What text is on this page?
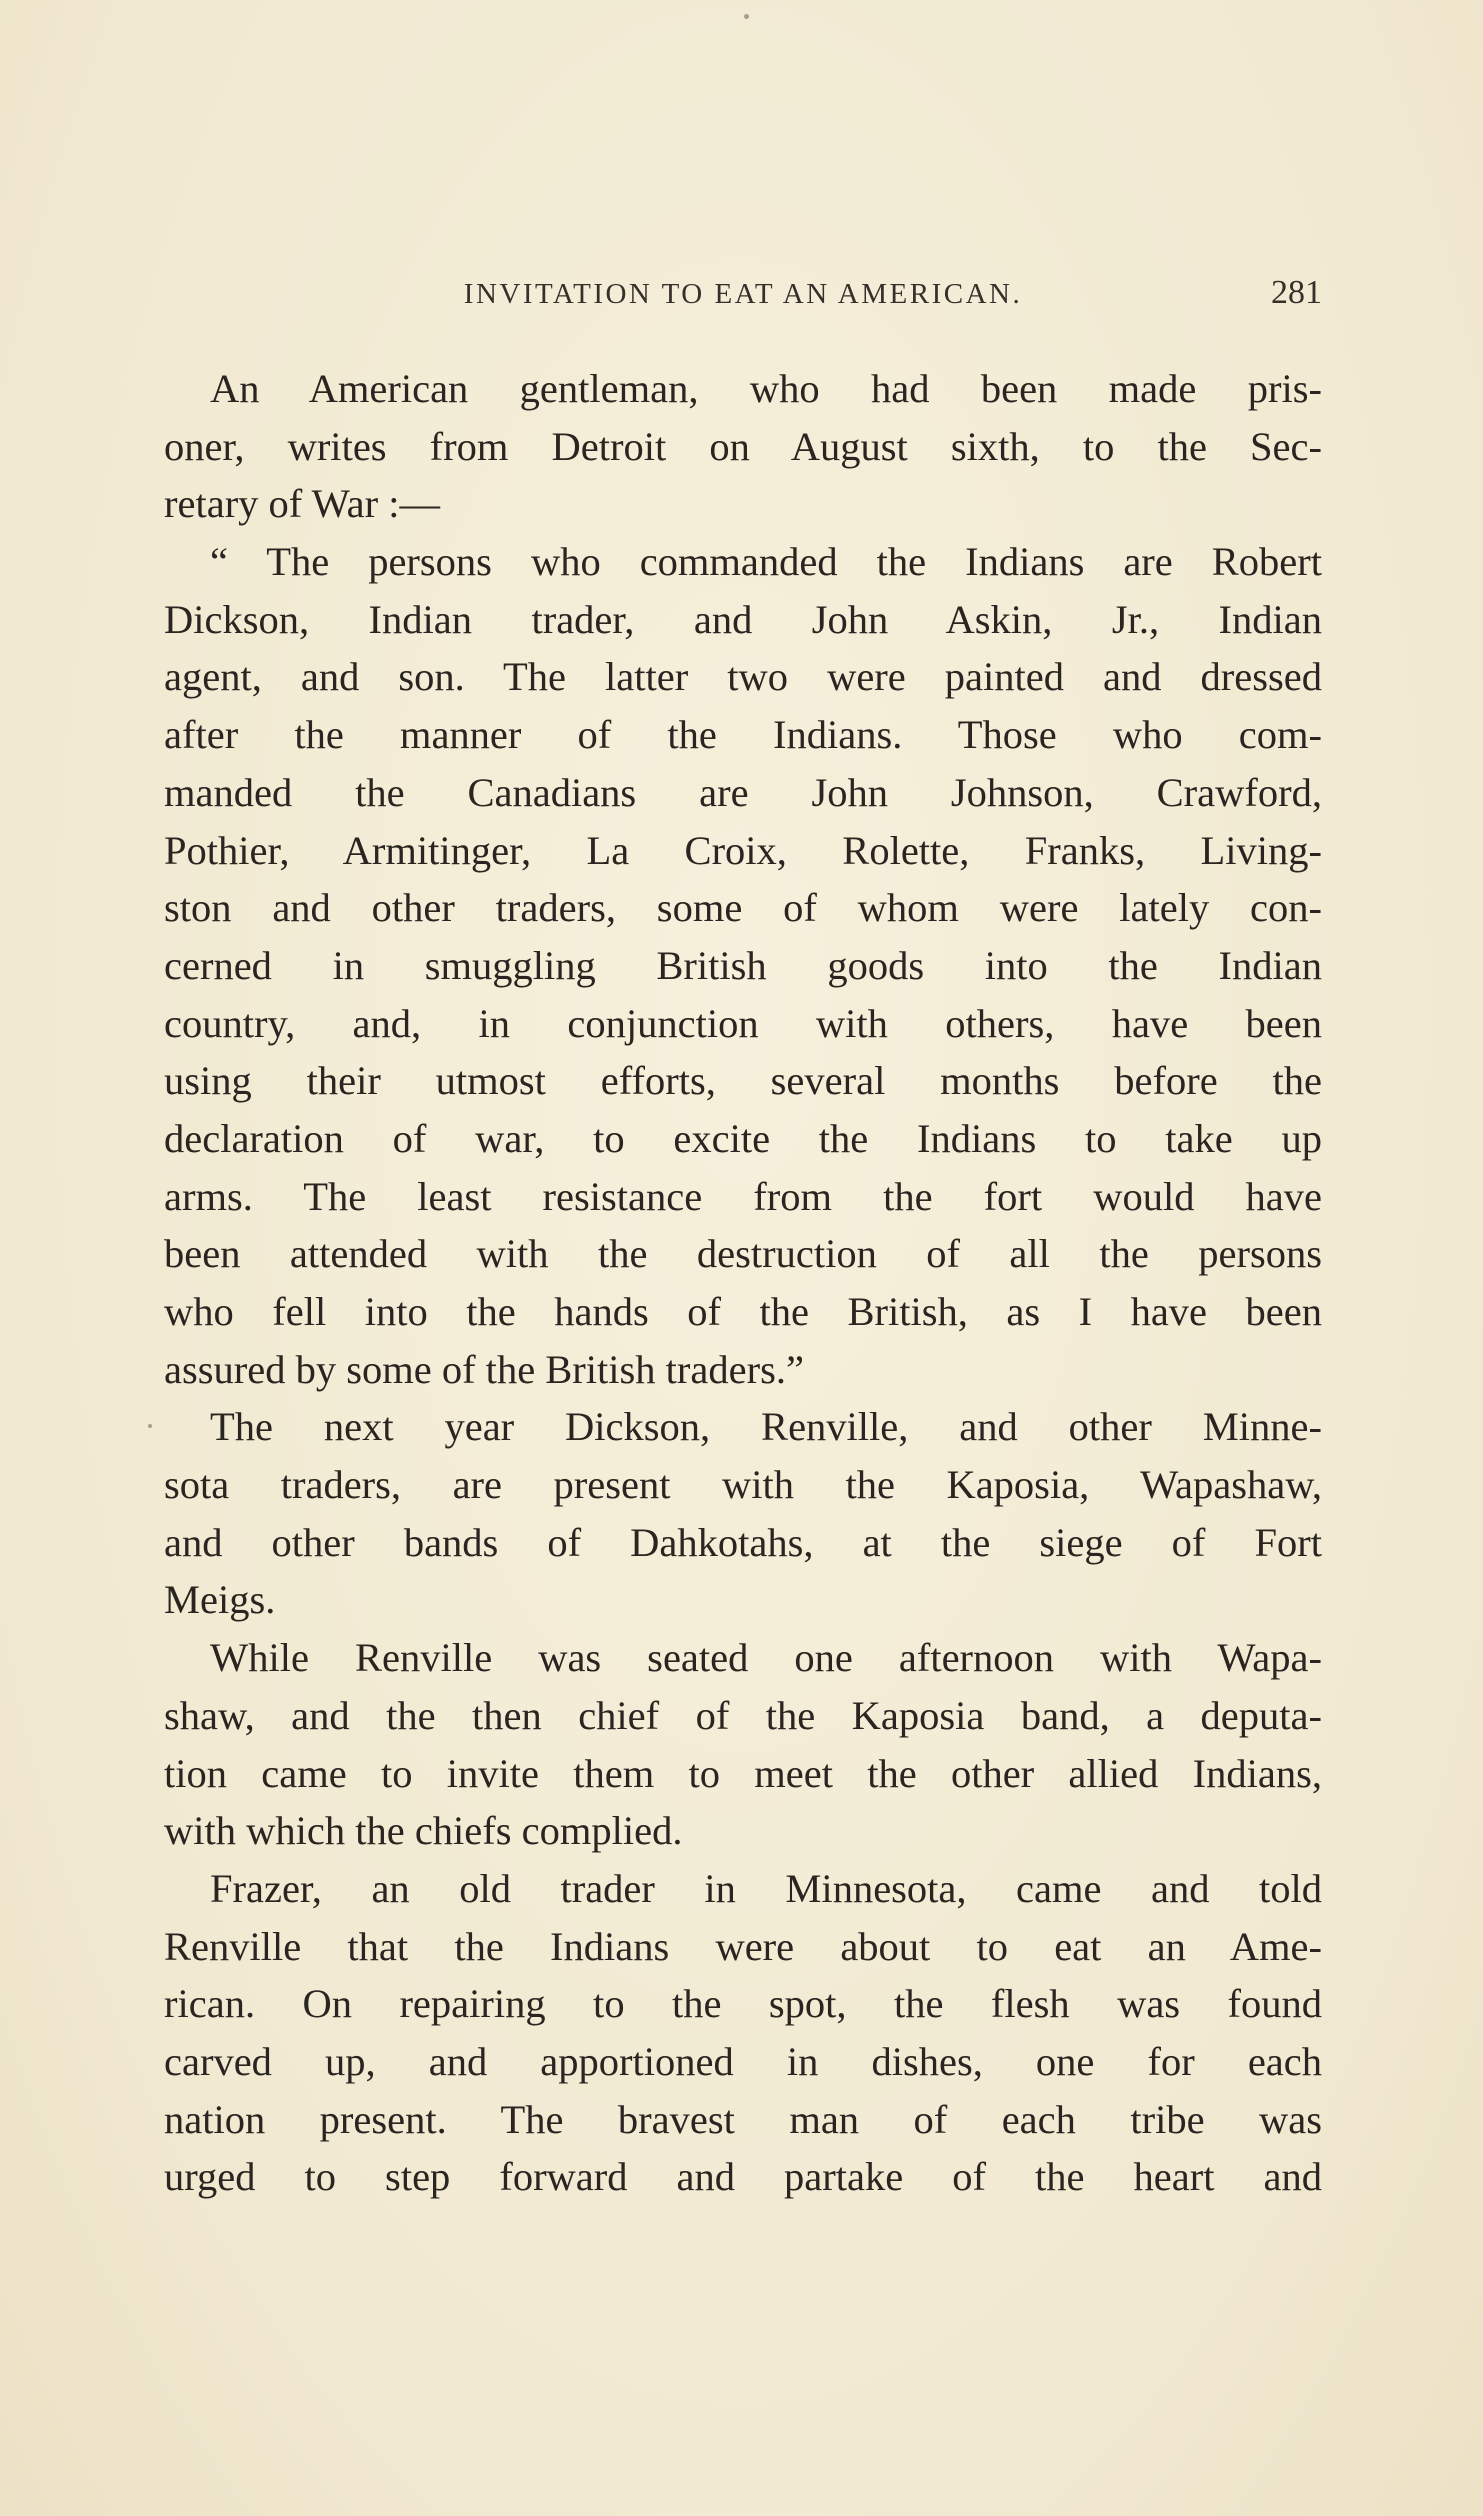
INVITATION TO EAT AN AMERICAN.	281
An American gentleman, who had been made pris-
oner, writes from Detroit on August sixth, to the Sec-
retary of War :—
“ The persons who commanded the Indians are Robert
Dickson, Indian trader, and John Askin, Jr., Indian
agent, and son. The latter two were painted and dressed
after the manner of the Indians. Those who com-
manded the Canadians are John Johnson, Crawford,
Pothier, Armitinger, La Croix, Rolette, Franks, Living-
ston and other traders, some of whom were lately con-
cerned in smuggling British goods into the Indian
country, and, in conjunction with others, have been
using their utmost efforts, several months before the
declaration of war, to excite the Indians to take up
arms. The least resistance from the fort would have
been attended with the destruction of all the persons
who fell into the hands of the British, as I have been
assured by some of the British traders.”
The next year Dickson, Renville, and other Minne-
sota traders, are present with the Kaposia, Wapashaw,
and other bands of Dahkotahs, at the siege of Fort
Meigs.
While Renville was seated one afternoon with Wapa-
shaw, and the then chief of the Kaposia band, a deputa-
tion came to invite them to meet the other allied Indians,
with which the chiefs complied.
Frazer, an old trader in Minnesota, came and told
Renville that the Indians were about to eat an Ame-
rican. On repairing to the spot, the flesh was found
carved up, and apportioned in dishes, one for each
nation present. The bravest man of each tribe was
urged to step forward and partake of the heart and
